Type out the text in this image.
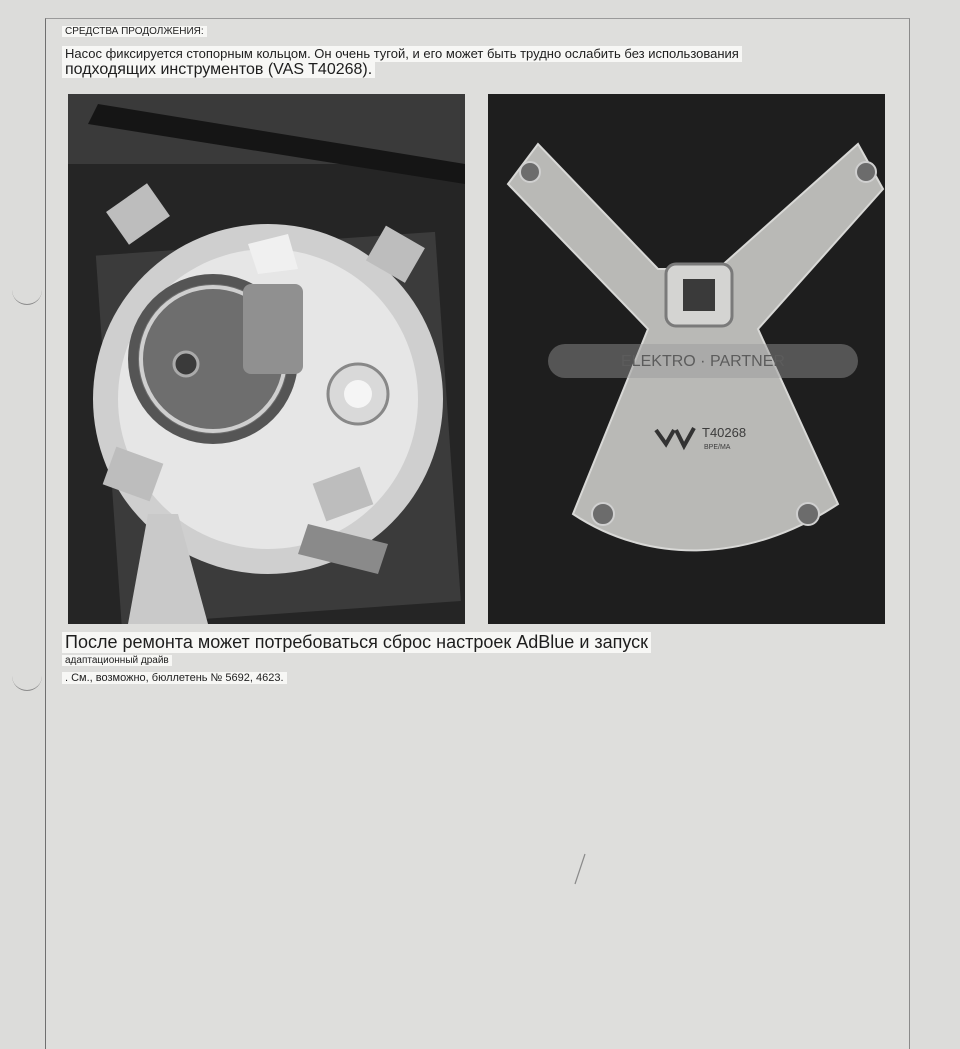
СРЕДСТВА ПРОДОЛЖЕНИЯ:
Насос фиксируется стопорным кольцом. Он очень тугой, и его может быть трудно ослабить без использования
подходящих инструментов (VAS T40268).
ELEKTRO · PARTNER
T40268
BPE/MA
После ремонта может потребоваться сброс настроек AdBlue и запуск
адаптационный драйв
. См., возможно, бюллетень № 5692, 4623.
